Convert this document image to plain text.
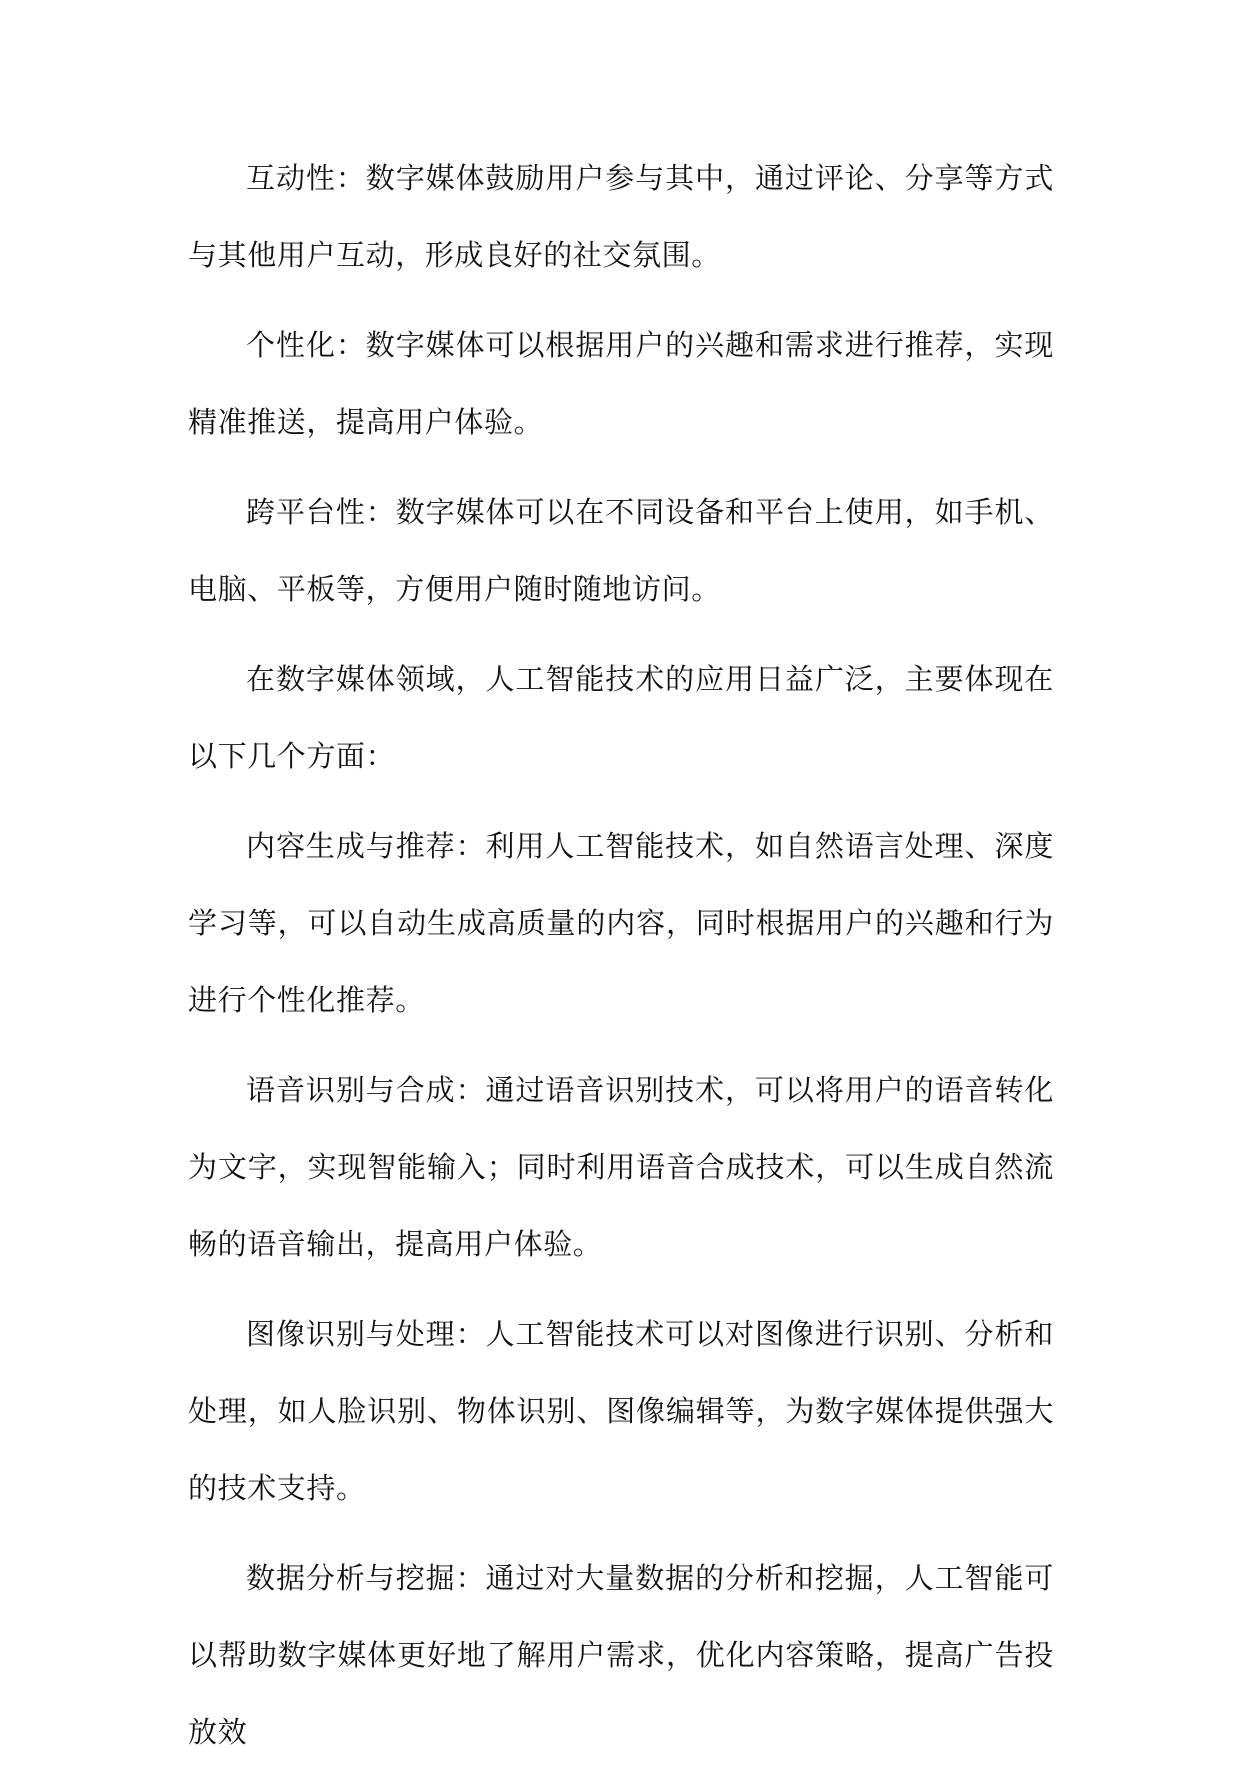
互动性：数字媒体鼓励用户参与其中，通过评论、分享等方式与其他用户互动，形成良好的社交氛围。

个性化：数字媒体可以根据用户的兴趣和需求进行推荐，实现精准推送，提高用户体验。

跨平台性：数字媒体可以在不同设备和平台上使用，如手机、电脑、平板等，方便用户随时随地访问。

在数字媒体领域，人工智能技术的应用日益广泛，主要体现在以下几个方面：

内容生成与推荐：利用人工智能技术，如自然语言处理、深度学习等，可以自动生成高质量的内容，同时根据用户的兴趣和行为进行个性化推荐。

语音识别与合成：通过语音识别技术，可以将用户的语音转化为文字，实现智能输入；同时利用语音合成技术，可以生成自然流畅的语音输出，提高用户体验。

图像识别与处理：人工智能技术可以对图像进行识别、分析和处理，如人脸识别、物体识别、图像编辑等，为数字媒体提供强大的技术支持。

数据分析与挖掘：通过对大量数据的分析和挖掘，人工智能可以帮助数字媒体更好地了解用户需求，优化内容策略，提高广告投放效
